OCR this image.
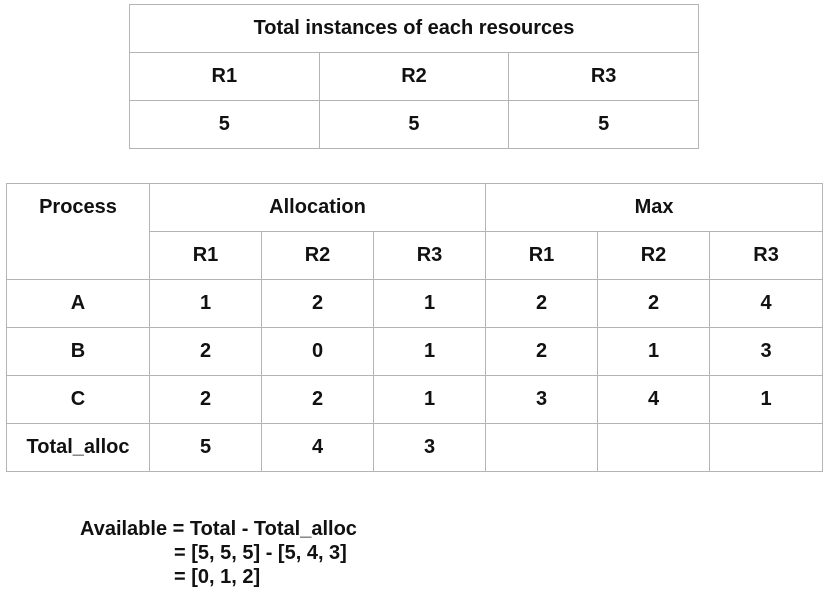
Total instances of each resources		
R1	R2	R3
5	5	5
Process	Allocation			Max		
	R1	R2	R3	R1	R2	R3
A	1	2	1	2	2	4
B	2	0	1	2	1	3
C	2	2	1	3	4	1
Total_alloc	5	4	3			
Available = Total - Total_alloc
= [5, 5, 5] - [5, 4, 3]
= [0, 1, 2]
